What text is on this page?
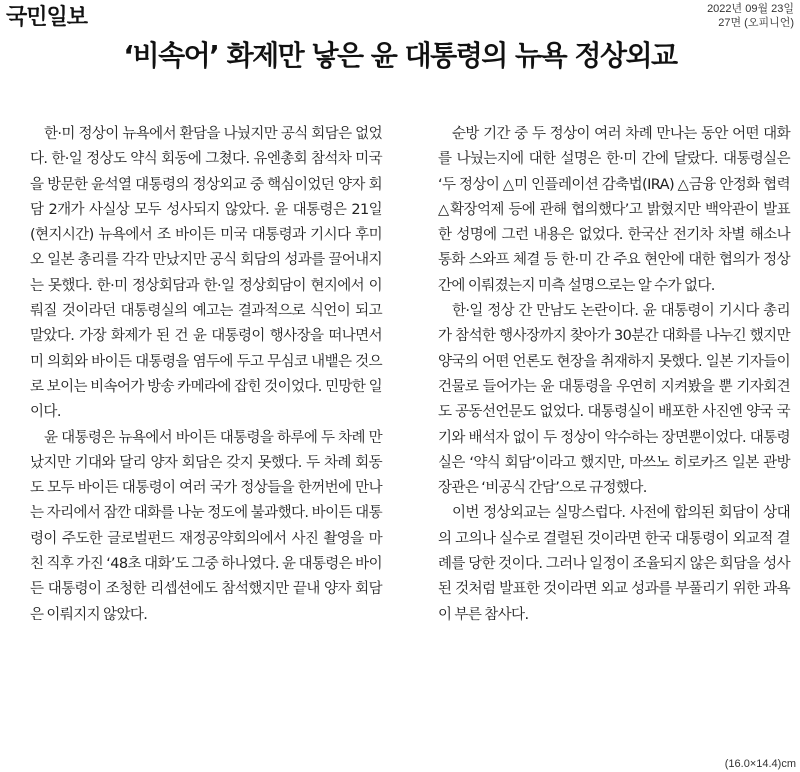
국민일보	2022년 09월 23일
27면 (오피니언)
‘비속어’ 화제만 낳은 윤 대통령의 뉴욕 정상외교

한·미 정상이 뉴욕에서 환담을 나눴지만 공식 회담은 없었다. 한·일 정상도 약식 회동에 그쳤다. 유엔총회 참석차 미국을 방문한 윤석열 대통령의 정상외교 중 핵심이었던 양자 회담 2개가 사실상 모두 성사되지 않았다. 윤 대통령은 21일(현지시간) 뉴욕에서 조 바이든 미국 대통령과 기시다 후미오 일본 총리를 각각 만났지만 공식 회담의 성과를 끌어내지는 못했다. 한·미 정상회담과 한·일 정상회담이 현지에서 이뤄질 것이라던 대통령실의 예고는 결과적으로 식언이 되고 말았다. 가장 화제가 된 건 윤 대통령이 행사장을 떠나면서 미 의회와 바이든 대통령을 염두에 두고 무심코 내뱉은 것으로 보이는 비속어가 방송 카메라에 잡힌 것이었다. 민망한 일이다.

윤 대통령은 뉴욕에서 바이든 대통령을 하루에 두 차례 만났지만 기대와 달리 양자 회담은 갖지 못했다. 두 차례 회동도 모두 바이든 대통령이 여러 국가 정상들을 한꺼번에 만나는 자리에서 잠깐 대화를 나눈 정도에 불과했다. 바이든 대통령이 주도한 글로벌펀드 재정공약회의에서 사진 촬영을 마친 직후 가진 ‘48초 대화’도 그중 하나였다. 윤 대통령은 바이든 대통령이 조청한 리셉션에도 참석했지만 끝내 양자 회담은 이뤄지지 않았다.

순방 기간 중 두 정상이 여러 차례 만나는 동안 어떤 대화를 나눴는지에 대한 설명은 한·미 간에 달랐다. 대통령실은 ‘두 정상이 △미 인플레이션 감축법(IRA) △금융 안정화 협력 △확장억제 등에 관해 협의했다’고 밝혔지만 백악관이 발표한 성명에 그런 내용은 없었다. 한국산 전기차 차별 해소나 통화 스와프 체결 등 한·미 간 주요 현안에 대한 협의가 정상 간에 이뤄졌는지 미측 설명으로는 알 수가 없다.

한·일 정상 간 만남도 논란이다. 윤 대통령이 기시다 총리가 참석한 행사장까지 찾아가 30분간 대화를 나누긴 했지만 양국의 어떤 언론도 현장을 취재하지 못했다. 일본 기자들이 건물로 들어가는 윤 대통령을 우연히 지켜봤을 뿐 기자회견도 공동선언문도 없었다. 대통령실이 배포한 사진엔 양국 국기와 배석자 없이 두 정상이 악수하는 장면뿐이었다. 대통령실은 ‘약식 회담’이라고 했지만, 마쓰노 히로카즈 일본 관방장관은 ‘비공식 간담’으로 규정했다.

이번 정상외교는 실망스럽다. 사전에 합의된 회담이 상대의 고의나 실수로 결렬된 것이라면 한국 대통령이 외교적 결례를 당한 것이다. 그러나 일정이 조율되지 않은 회담을 성사된 것처럼 발표한 것이라면 외교 성과를 부풀리기 위한 과욕이 부른 참사다.

(16.0×14.4)cm
